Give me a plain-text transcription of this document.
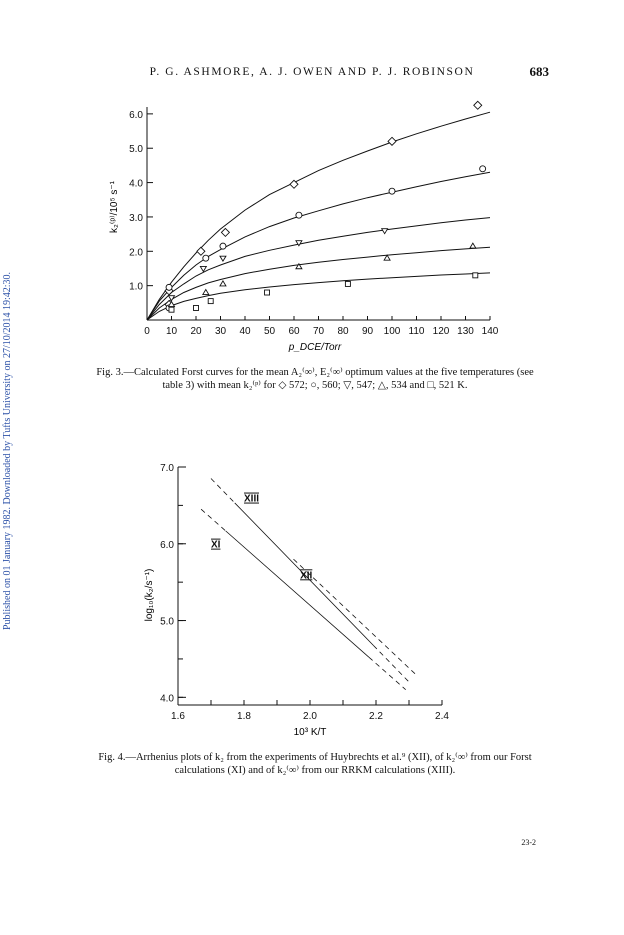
P. G. ASHMORE, A. J. OWEN AND P. J. ROBINSON	683
Published on 01 January 1982. Downloaded by Tufts University on 27/10/2014 19:42:30.	0 10 20 30 40 50 60 70 80 90 100 110 120 130 140
1.0
2.0
3.0
4.0
5.0
6.0
k₂⁽ᵖ⁾/10⁵ s⁻¹
p_DCE/Torr
Fig. 3.—Calculated Forst curves for the mean A₂⁽∞⁾, E₂⁽∞⁾ optimum values at the five temperatures (see
table 3) with mean k₂⁽ᵖ⁾ for ◇ 572; ○, 560; ▽, 547; △, 534 and □, 521 K.
1.6	1.8	2.0	2.2	2.4
4.0
5.0
6.0
7.0
XIII
XI
XII
log₁₀(k₂/s⁻¹)
10³ K/T
Fig. 4.—Arrhenius plots of k₂ from the experiments of Huybrechts et al.⁹ (XII), of k₂⁽∞⁾ from our Forst
calculations (XI) and of k₂⁽∞⁾ from our RRKM calculations (XIII).
23-2
